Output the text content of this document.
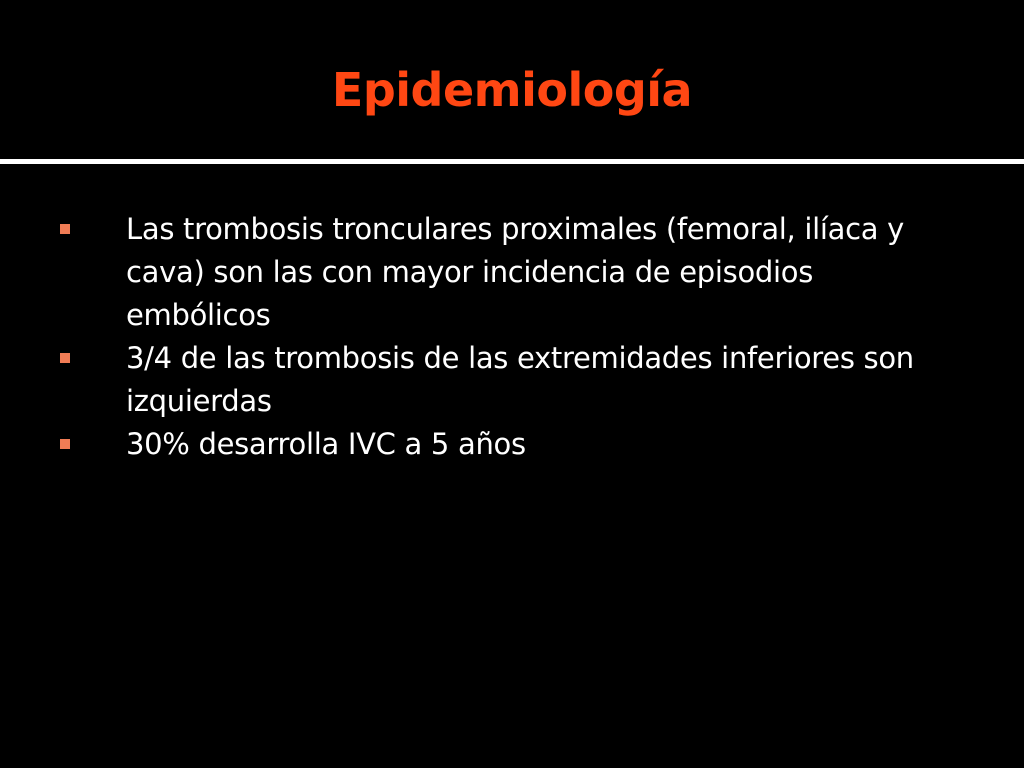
Epidemiología
Las trombosis tronculares proximales (femoral, ilíaca y cava) son las con mayor incidencia de episodios embólicos
3/4 de las trombosis de las extremidades inferiores son izquierdas
30% desarrolla IVC a 5 años
